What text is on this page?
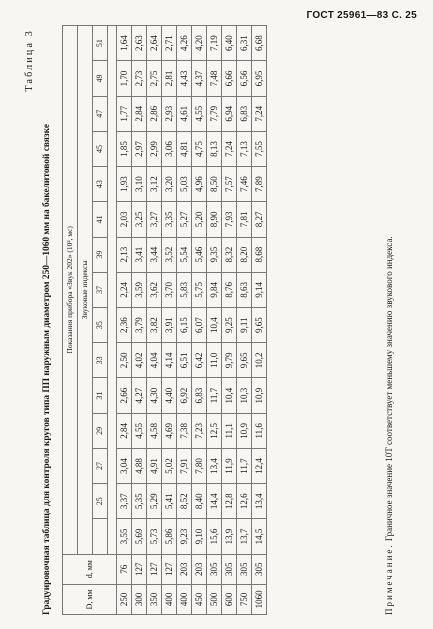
ГОСТ 25961—83 С. 25
Таблица 3
Градуировочная таблица для контроля кругов типа ПП наружным диаметром 250—1060 мм на бакелитовой связке	D, мм	d, мм	Показания прибора «Звук 202» (10², мс)														
		Звуковые индексы														
			25	27	29	31	33	35	37	39	41	43	45	47	49	51

250	76	3,55	3,37	3,04	2,84	2,66	2,50	2,36	2,24	2,13	2,03	1,93	1,85	1,77	1,70	1,64
300	127	5,69	5,35	4,88	4,55	4,27	4,02	3,79	3,59	3,41	3,25	3,10	2,97	2,84	2,73	2,63
350	127	5,73	5,29	4,91	4,58	4,30	4,04	3,82	3,62	3,44	3,27	3,12	2,99	2,86	2,75	2,64
400	127	5,86	5,41	5,02	4,69	4,40	4,14	3,91	3,70	3,52	3,35	3,20	3,06	2,93	2,81	2,71
400	203	9,23	8,52	7,91	7,38	6,92	6,51	6,15	5,83	5,54	5,27	5,03	4,81	4,61	4,43	4,26
450	203	9,10	8,40	7,80	7,23	6,83	6,42	6,07	5,75	5,46	5,20	4,96	4,75	4,55	4,37	4,20
500	305	15,6	14,4	13,4	12,5	11,7	11,0	10,4	9,84	9,35	8,90	8,50	8,13	7,79	7,48	7,19
600	305	13,9	12,8	11,9	11,1	10,4	9,79	9,25	8,76	8,32	7,93	7,57	7,24	6,94	6,66	6,40
750	305	13,7	12,6	11,7	10,9	10,3	9,65	9,11	8,63	8,20	7,81	7,46	7,13	6,83	6,56	6,31
1060	305	14,5	13,4	12,4	11,6	10,9	10,2	9,65	9,14	8,68	8,27	7,89	7,55	7,24	6,95	6,68
Примечание. Граничное значение 10Т соответствует меньшему значению звукового индекса.
